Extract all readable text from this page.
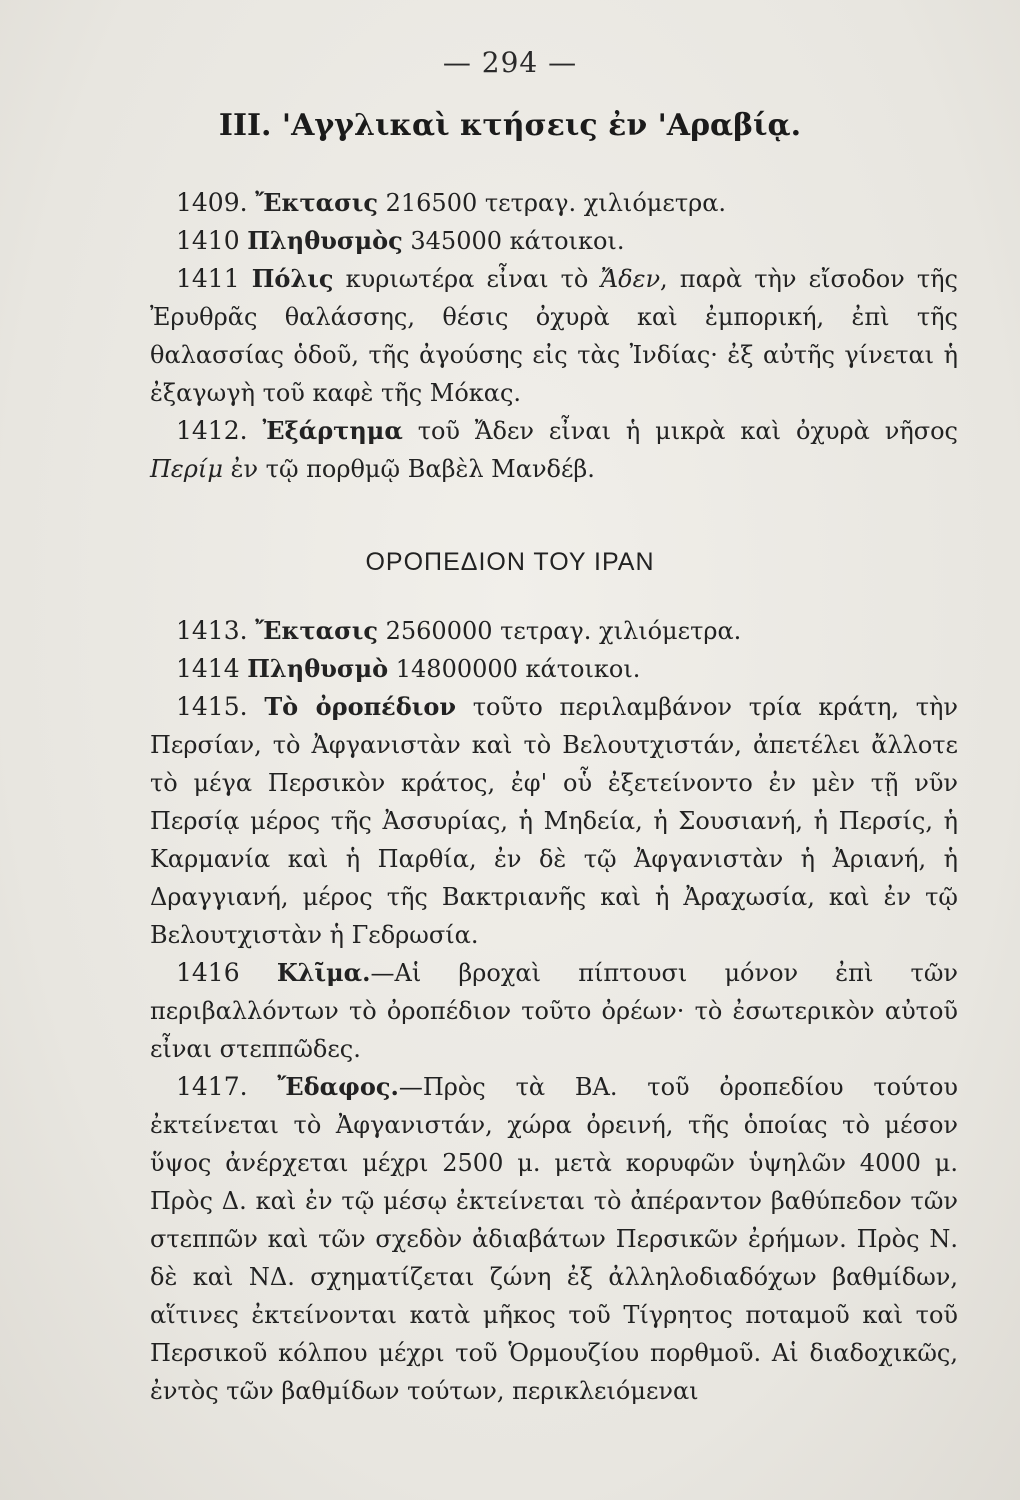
— 294 —
III. 'Αγγλικαὶ κτήσεις ἐν 'Αραβίᾳ.

1409. Ἔκτασις 216500 τετραγ. χιλιόμετρα.

1410 Πληθυσμὸς 345000 κάτοικοι.

1411 Πόλις κυριωτέρα εἶναι τὸ Ἄδεν, παρὰ τὴν εἴσοδον τῆς Ἐρυθρᾶς θαλάσσης, θέσις ὀχυρὰ καὶ ἐμπορική, ἐπὶ τῆς θαλασσίας ὁδοῦ, τῆς ἀγούσης εἰς τὰς Ἰνδίας· ἐξ αὐτῆς γίνεται ἡ ἐξαγωγὴ τοῦ καφὲ τῆς Μόκας.

1412. Ἐξάρτημα τοῦ Ἄδεν εἶναι ἡ μικρὰ καὶ ὀχυρὰ νῆσος Περίμ ἐν τῷ πορθμῷ Βαβὲλ Μανδέβ.

ΟΡΟΠΕΔΙΟΝ ΤΟΥ ΙΡΑΝ

1413. Ἔκτασις 2560000 τετραγ. χιλιόμετρα.

1414 Πληθυσμὸ 14800000 κάτοικοι.

1415. Τὸ ὀροπέδιον τοῦτο περιλαμβάνον τρία κράτη, τὴν Περσίαν, τὸ Ἀφγανιστὰν καὶ τὸ Βελουτχιστάν, ἀπετέλει ἄλλοτε τὸ μέγα Περσικὸν κράτος, ἐφ' οὗ ἐξετείνοντο ἐν μὲν τῇ νῦν Περσίᾳ μέρος τῆς Ἀσσυρίας, ἡ Μηδεία, ἡ Σουσιανή, ἡ Περσίς, ἡ Καρμανία καὶ ἡ Παρθία, ἐν δὲ τῷ Ἀφγανιστὰν ἡ Ἀριανή, ἡ Δραγγιανή, μέρος τῆς Βακτριανῆς καὶ ἡ Ἀραχωσία, καὶ ἐν τῷ Βελουτχιστὰν ἡ Γεδρωσία.

1416 Κλῖμα.—Αἱ βροχαὶ πίπτουσι μόνον ἐπὶ τῶν περιβαλλόντων τὸ ὀροπέδιον τοῦτο ὀρέων· τὸ ἐσωτερικὸν αὐτοῦ εἶναι στεππῶδες.

1417. Ἔδαφος.—Πρὸς τὰ ΒΑ. τοῦ ὀροπεδίου τούτου ἐκτείνεται τὸ Ἀφγανιστάν, χώρα ὀρεινή, τῆς ὁποίας τὸ μέσον ὕψος ἀνέρχεται μέχρι 2500 μ. μετὰ κορυφῶν ὑψηλῶν 4000 μ. Πρὸς Δ. καὶ ἐν τῷ μέσῳ ἐκτείνεται τὸ ἀπέραντον βαθύπεδον τῶν στεππῶν καὶ τῶν σχεδὸν ἀδιαβάτων Περσικῶν ἐρήμων. Πρὸς Ν. δὲ καὶ ΝΔ. σχηματίζεται ζώνη ἐξ ἀλληλοδιαδόχων βαθμίδων, αἵτινες ἐκτείνονται κατὰ μῆκος τοῦ Τίγρητος ποταμοῦ καὶ τοῦ Περσικοῦ κόλπου μέχρι τοῦ Ὁρμουζίου πορθμοῦ. Αἱ διαδοχικῶς, ἐντὸς τῶν βαθμίδων τούτων, περικλειόμεναι
